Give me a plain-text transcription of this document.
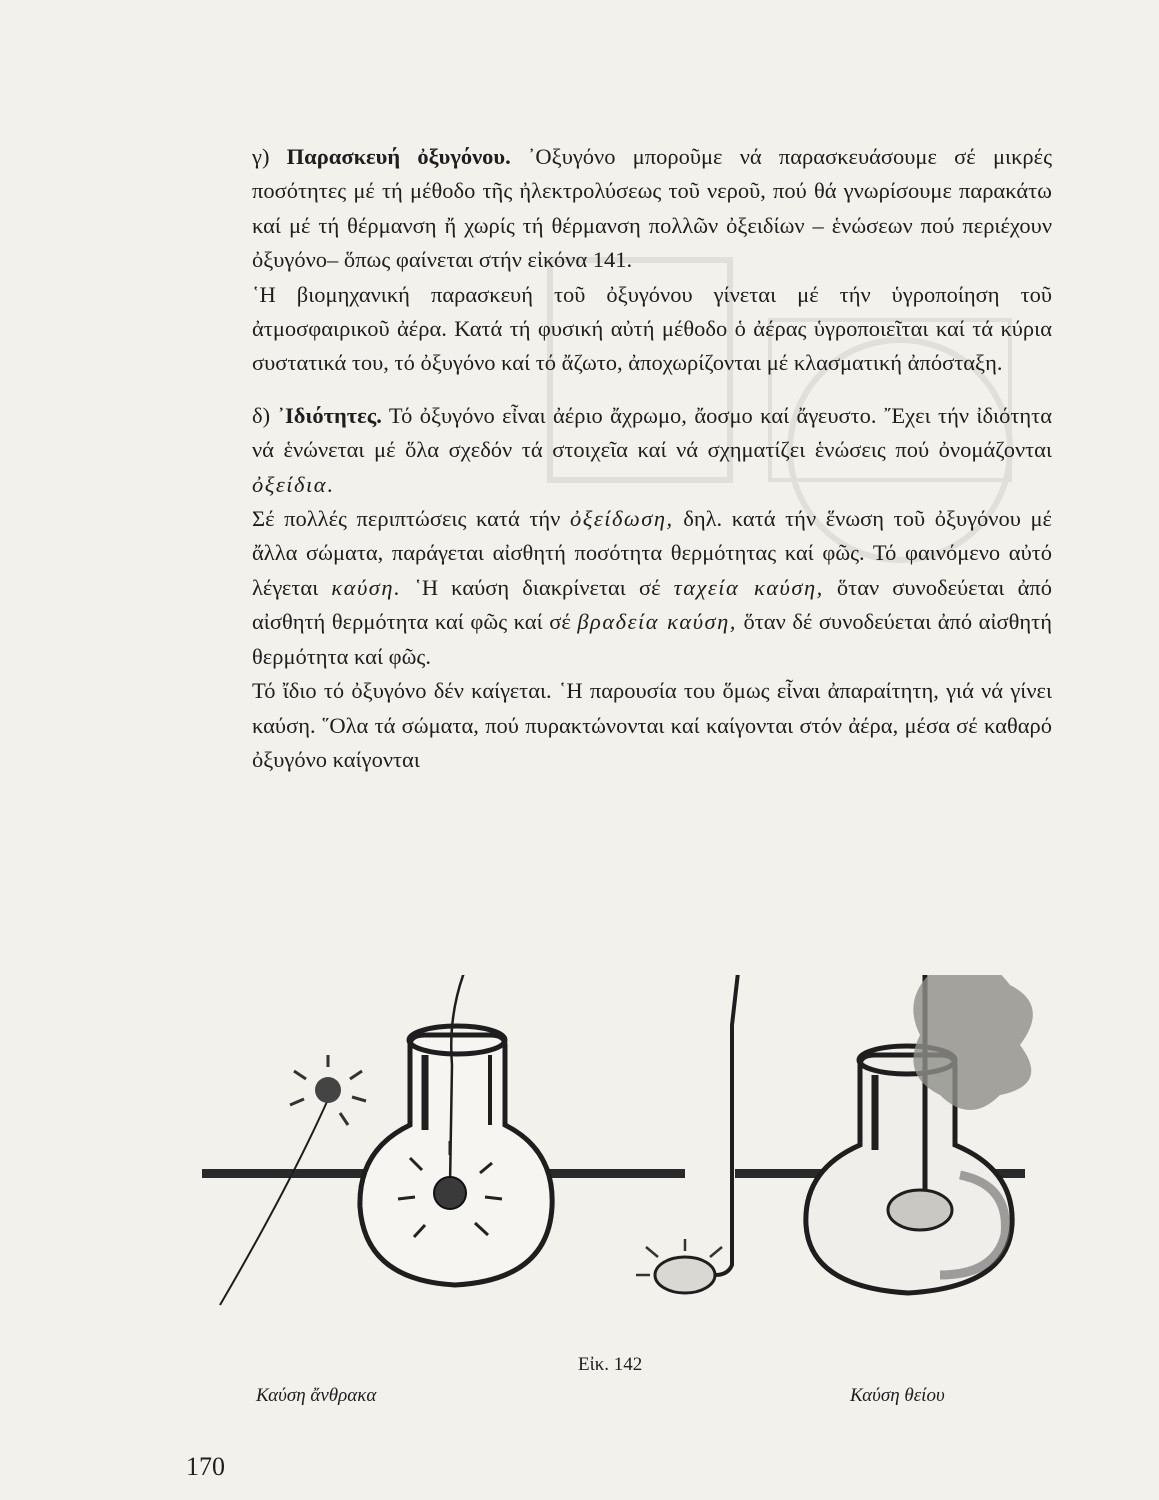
γ) Παρασκευή ὀξυγόνου. ᾿Οξυγόνο μποροῦμε νά παρασκευάσουμε σέ μικρές ποσότητες μέ τή μέθοδο τῆς ἠλεκτρολύσεως τοῦ νεροῦ, πού θά γνωρίσουμε παρακάτω καί μέ τή θέρμανση ἤ χωρίς τή θέρμανση πολλῶν ὀξειδίων – ἑνώσεων πού περιέχουν ὀξυγόνο– ὅπως φαίνεται στήν εἰκόνα 141.

῾Η βιομηχανική παρασκευή τοῦ ὀξυγόνου γίνεται μέ τήν ὑγροποίηση τοῦ ἀτμοσφαιρικοῦ ἀέρα. Κατά τή φυσική αὐτή μέθοδο ὁ ἀέρας ὑγροποιεῖται καί τά κύρια συστατικά του, τό ὀξυγόνο καί τό ἄζωτο, ἀποχωρίζονται μέ κλασματική ἀπόσταξη.

δ) ᾿Ιδιότητες. Τό ὀξυγόνο εἶναι ἀέριο ἄχρωμο, ἄοσμο καί ἄγευστο. ῎Εχει τήν ἰδιότητα νά ἑνώνεται μέ ὅλα σχεδόν τά στοιχεῖα καί νά σχηματίζει ἑνώσεις πού ὀνομάζονται ὀξείδια.

Σέ πολλές περιπτώσεις κατά τήν ὀξείδωση, δηλ. κατά τήν ἕνωση τοῦ ὀξυγόνου μέ ἄλλα σώματα, παράγεται αἰσθητή ποσότητα θερμότητας καί φῶς. Τό φαινόμενο αὐτό λέγεται καύση. ῾Η καύση διακρίνεται σέ ταχεία καύση, ὅταν συνοδεύεται ἀπό αἰσθητή θερμότητα καί φῶς καί σέ βραδεία καύση, ὅταν δέ συνοδεύεται ἀπό αἰσθητή θερμότητα καί φῶς.

Τό ἴδιο τό ὀξυγόνο δέν καίγεται. ῾Η παρουσία του ὅμως εἶναι ἀπαραίτητη, γιά νά γίνει καύση. ῞Ολα τά σώματα, πού πυρακτώνονται καί καίγονται στόν ἀέρα, μέσα σέ καθαρό ὀξυγόνο καίγονται

Εἰκ. 142
Καύση ἄνθρακα	Καύση θείου
170
